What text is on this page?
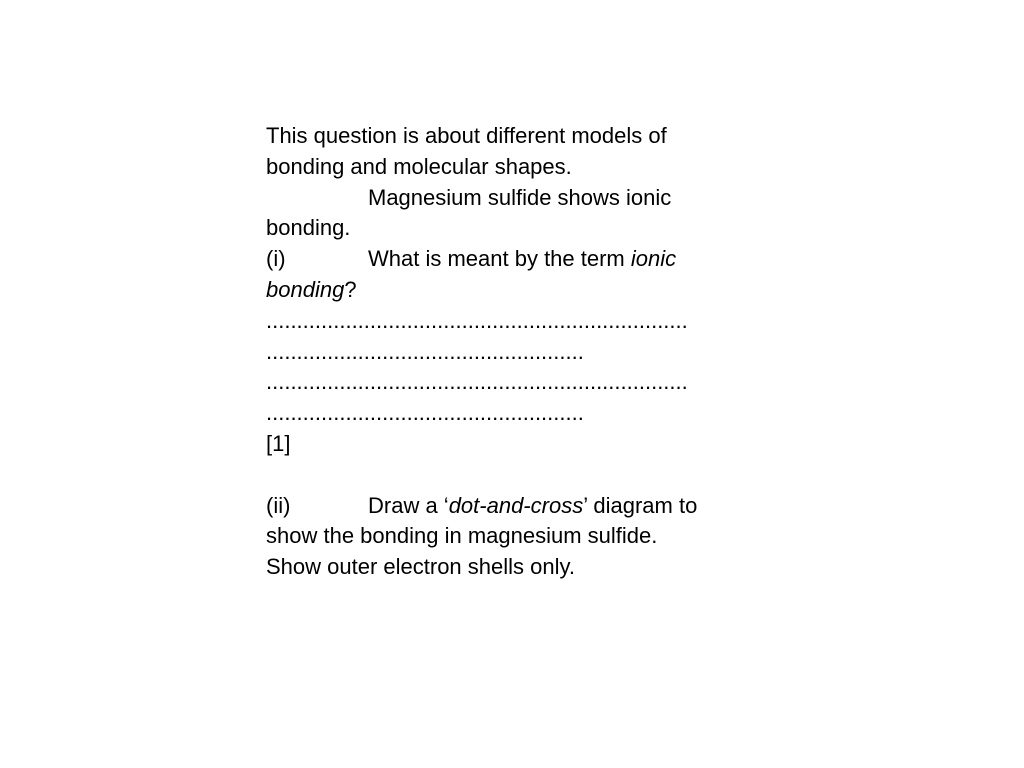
This question is about different models of
bonding and molecular shapes.
Magnesium sulfide shows ionic
bonding.
(i)	What is meant by the term ionic
bonding?
.....................................................................
....................................................
.....................................................................
....................................................
[1]
(ii)	Draw a ‘dot-and-cross’ diagram to
show the bonding in magnesium sulfide.
Show outer electron shells only.
